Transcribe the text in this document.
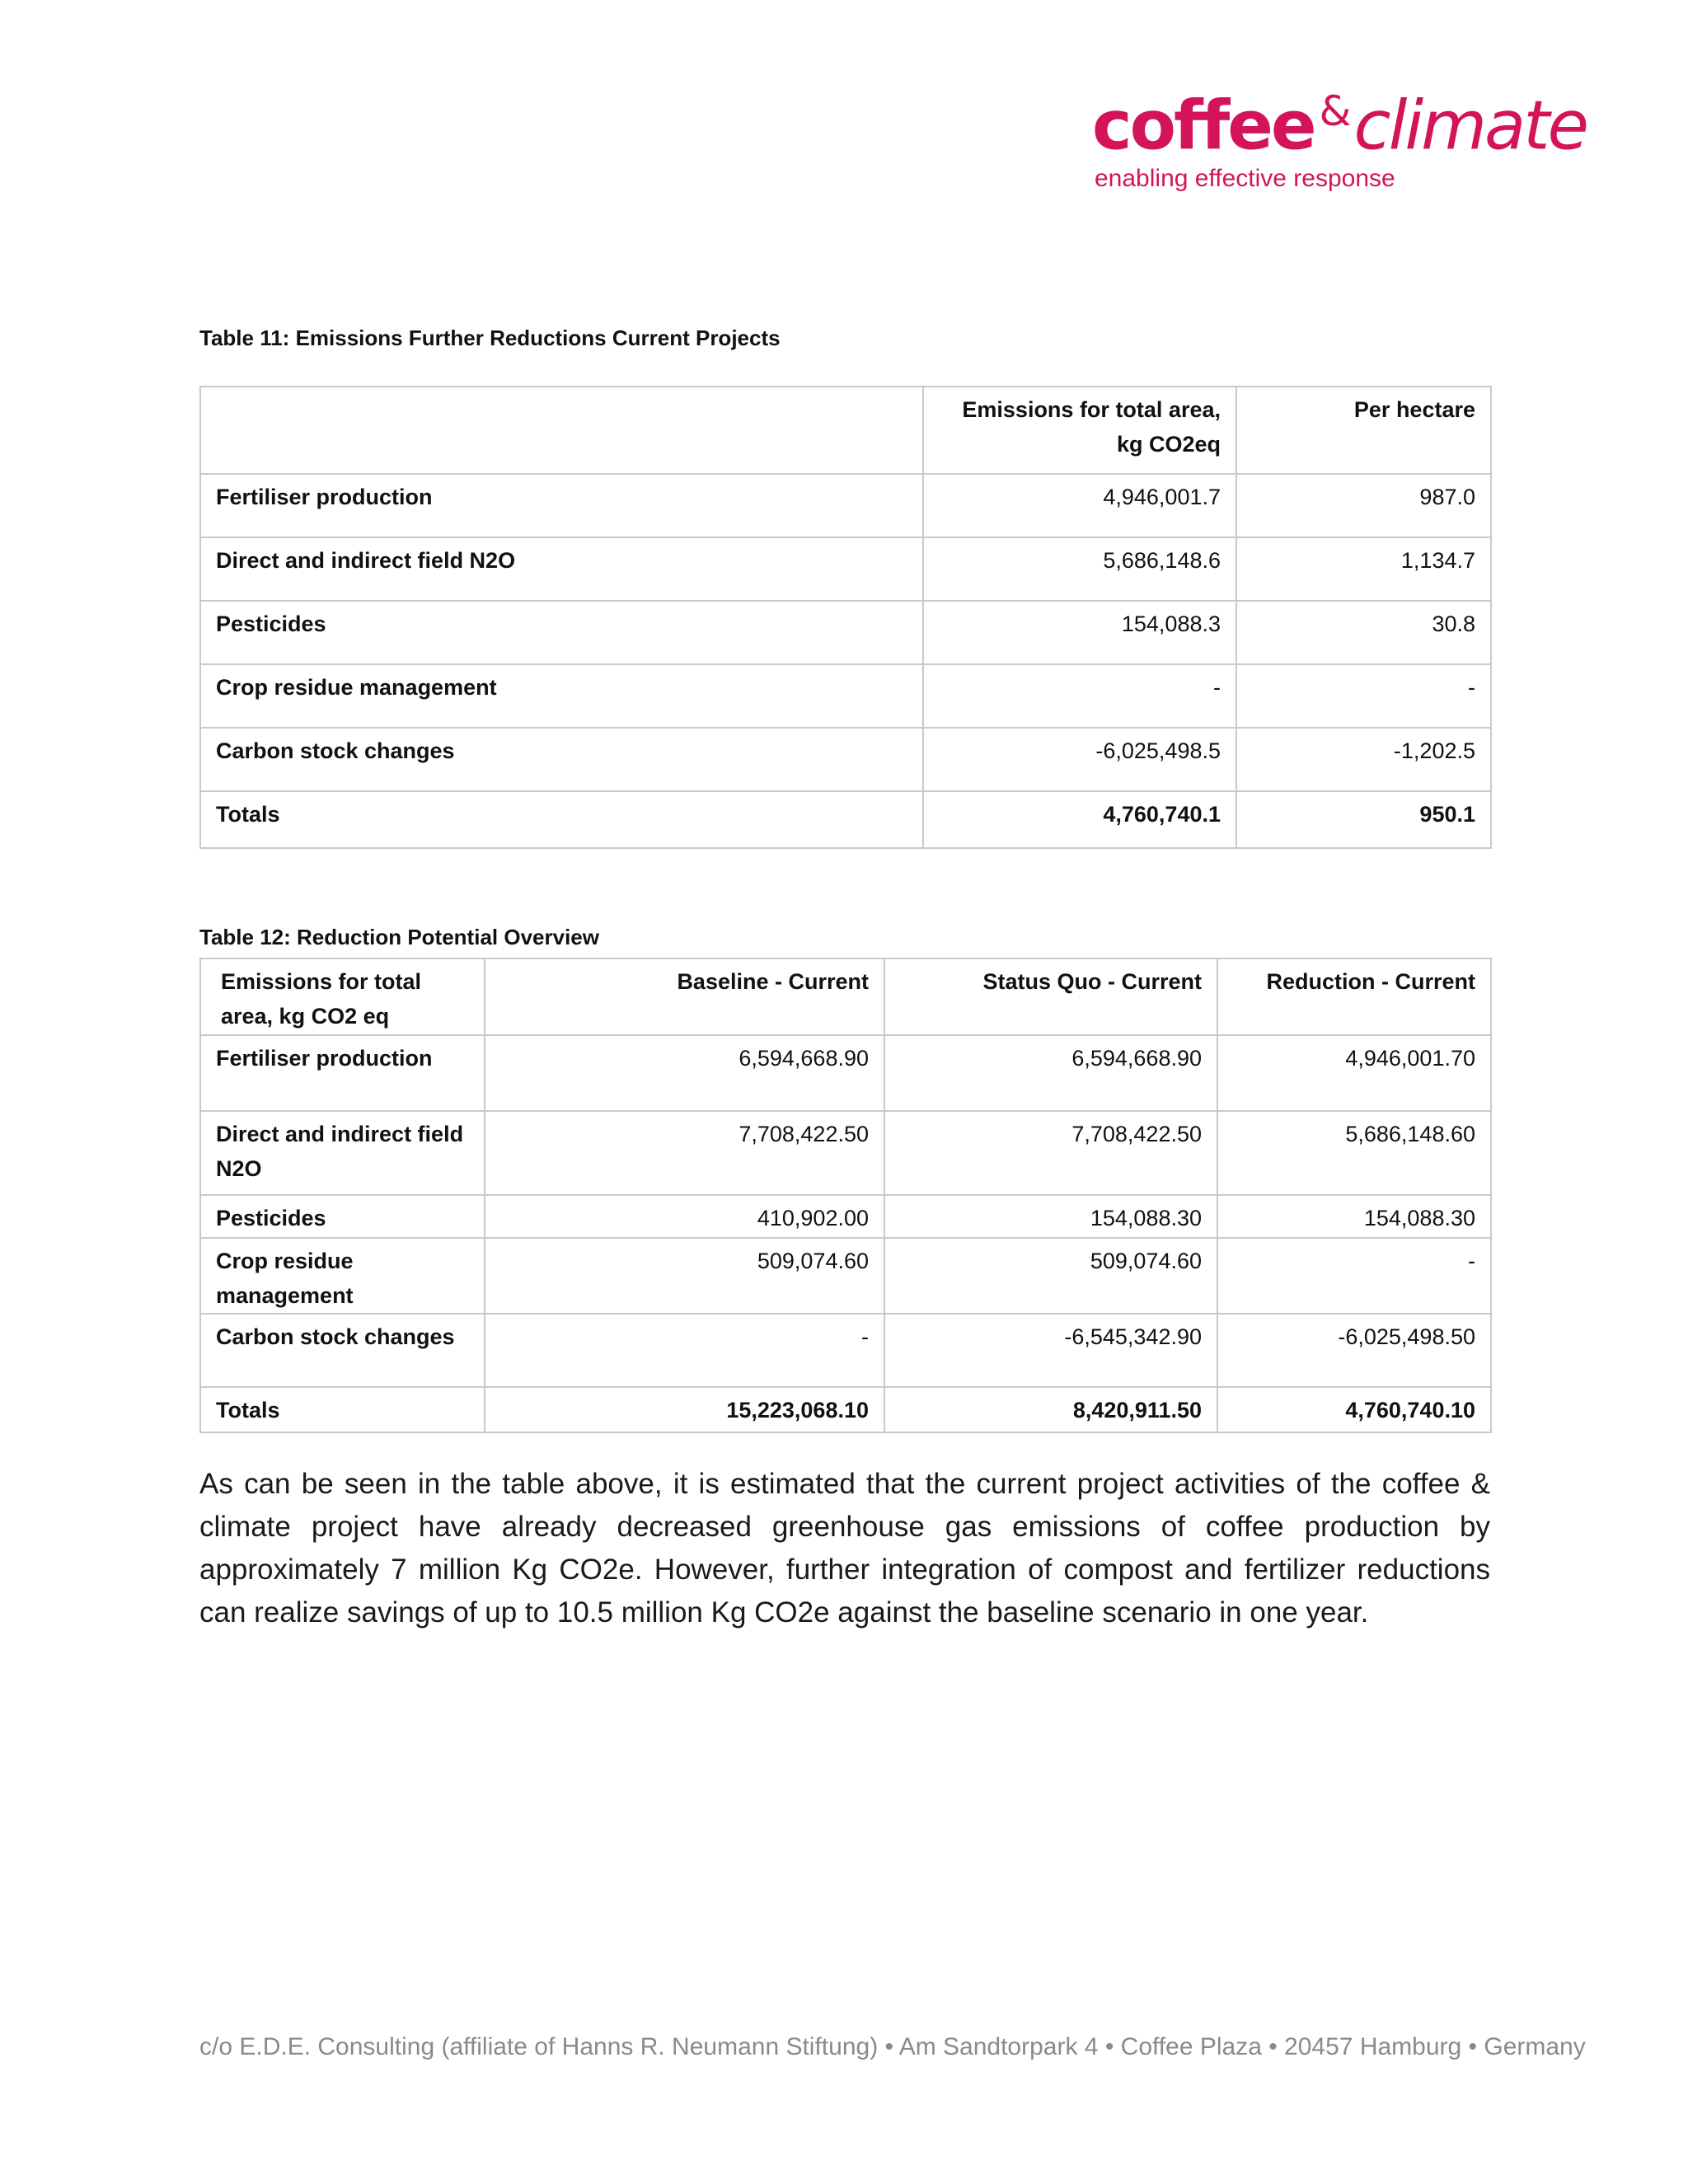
coffee &climate
enabling effective response
Table 11: Emissions Further Reductions Current Projects
	Emissions for total area, kg CO2eq	Per hectare
Fertiliser production	4,946,001.7	987.0
Direct and indirect field N2O	5,686,148.6	1,134.7
Pesticides	154,088.3	30.8
Crop residue management	-	-
Carbon stock changes	-6,025,498.5	-1,202.5
Totals	4,760,740.1	950.1
Table 12: Reduction Potential Overview
Emissions for total area, kg CO2 eq	Baseline - Current	Status Quo - Current	Reduction - Current
Fertiliser production	6,594,668.90	6,594,668.90	4,946,001.70
Direct and indirect field N2O	7,708,422.50	7,708,422.50	5,686,148.60
Pesticides	410,902.00	154,088.30	154,088.30
Crop residue management	509,074.60	509,074.60	-
Carbon stock changes	-	-6,545,342.90	-6,025,498.50
Totals	15,223,068.10	8,420,911.50	4,760,740.10

As can be seen in the table above, it is estimated that the current project activities of the coffee & climate project have already decreased greenhouse gas emissions of coffee production by approximately 7 million Kg CO2e. However, further integration of compost and fertilizer reductions can realize savings of up to 10.5 million Kg CO2e against the baseline scenario in one year.

c/o E.D.E. Consulting (affiliate of Hanns R. Neumann Stiftung) • Am Sandtorpark 4 • Coffee Plaza • 20457 Hamburg • Germany
